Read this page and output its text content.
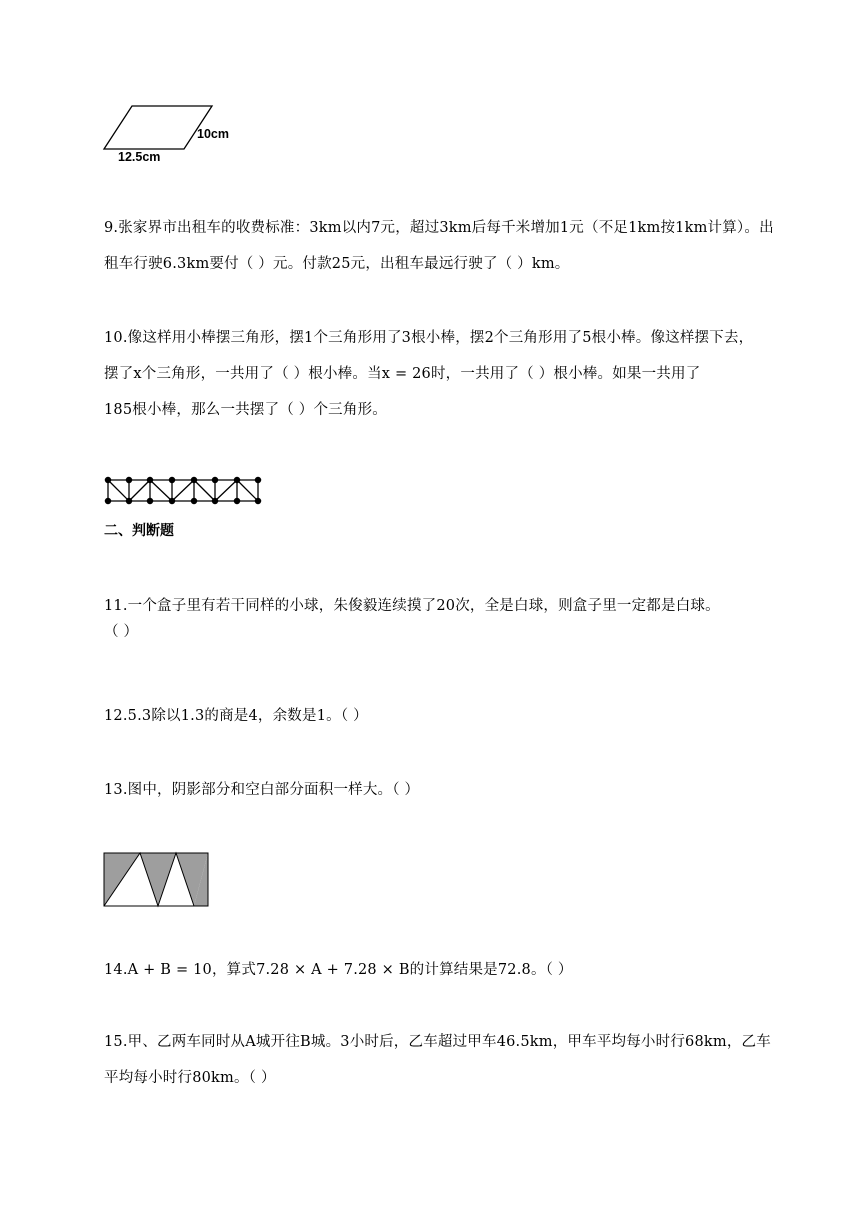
10cm
12.5cm
9.张家界市出租车的收费标准：3km以内7元，超过3km后每千米增加1元（不足1km按1km计算）。出
租车行驶6.3km要付（ ）元。付款25元，出租车最远行驶了（ ）km。
10.像这样用小棒摆三角形，摆1个三角形用了3根小棒，摆2个三角形用了5根小棒。像这样摆下去，
摆了x个三角形，一共用了（ ）根小棒。当x = 26时，一共用了（ ）根小棒。如果一共用了
185根小棒，那么一共摆了（ ）个三角形。
二、判断题
11.一个盒子里有若干同样的小球，朱俊毅连续摸了20次，全是白球，则盒子里一定都是白球。
（ ）
12.5.3除以1.3的商是4，余数是1。（ ）
13.图中，阴影部分和空白部分面积一样大。（ ）
14.A + B = 10，算式7.28 × A + 7.28 × B的计算结果是72.8。（ ）
15.甲、乙两车同时从A城开往B城。3小时后，乙车超过甲车46.5km，甲车平均每小时行68km，乙车
平均每小时行80km。（ ）
